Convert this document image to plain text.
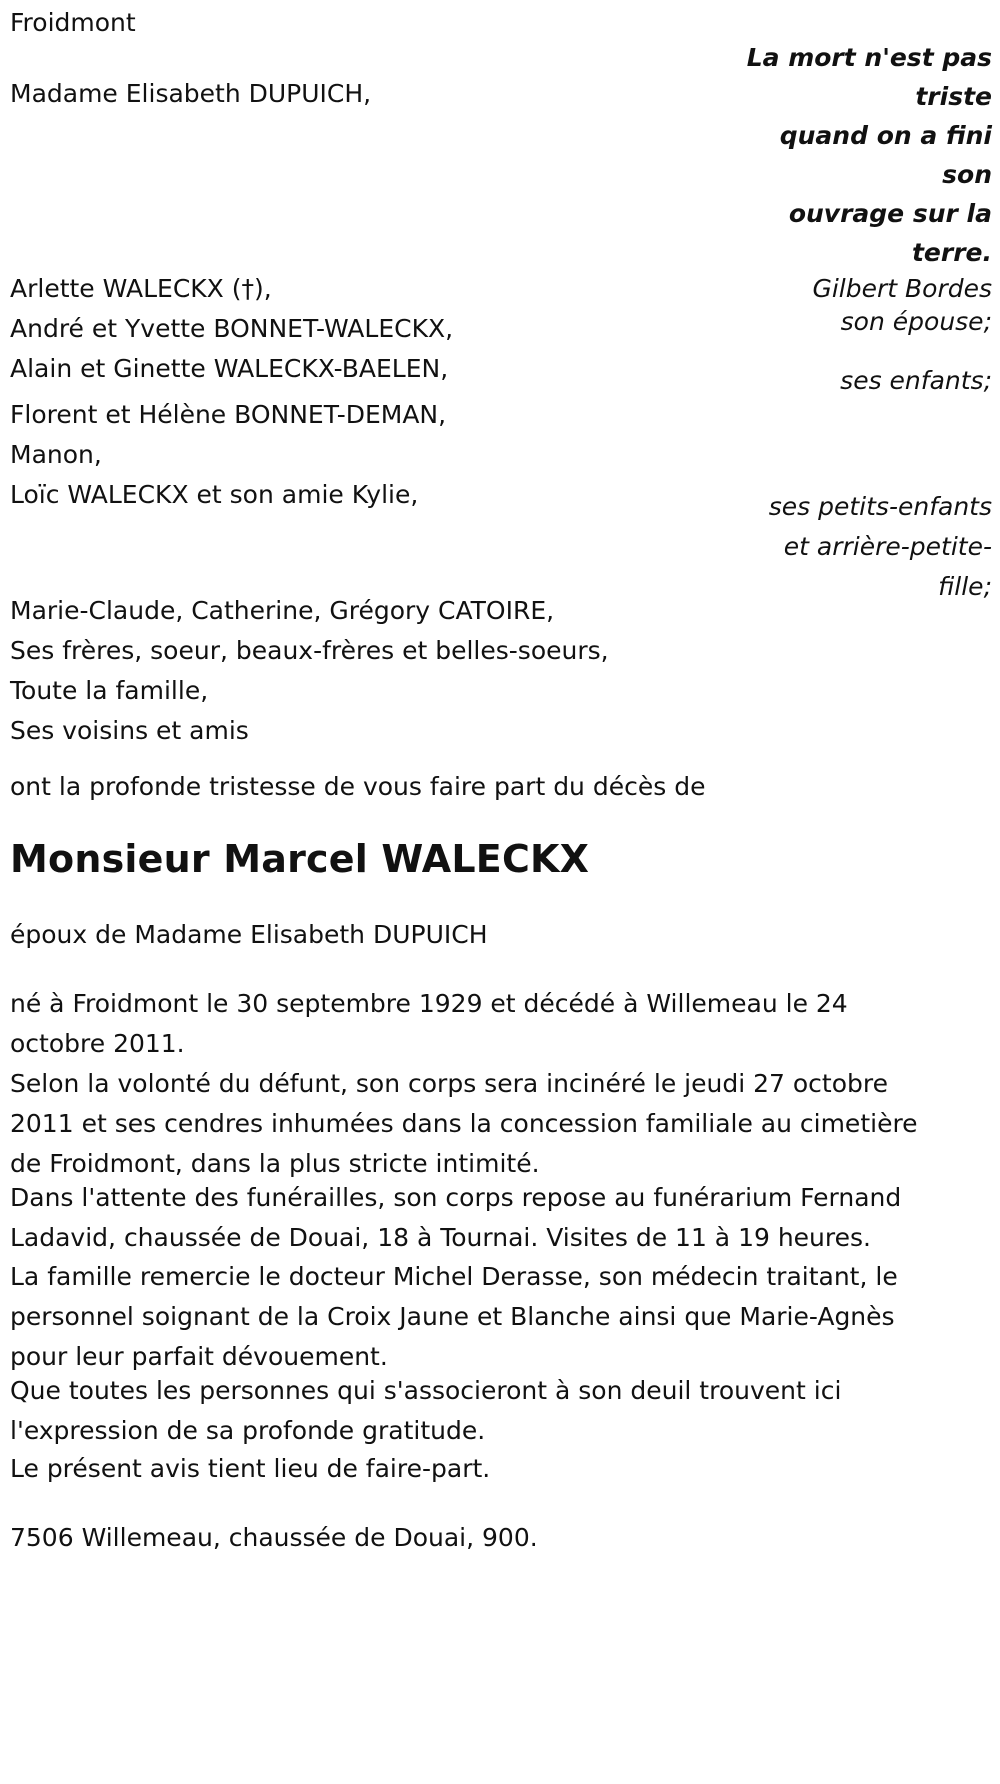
Froidmont
La mort n'est pas
triste
quand on a fini son
ouvrage sur la
terre.
Gilbert Bordes
son épouse;
Madame Elisabeth DUPUICH,
Arlette WALECKX (†),
André et Yvette BONNET-WALECKX,
Alain et Ginette WALECKX-BAELEN,	ses enfants;
Florent et Hélène BONNET-DEMAN,
Manon,
Loïc WALECKX et son amie Kylie,	ses petits-enfants
et arrière-petite-
fille;
Marie-Claude, Catherine, Grégory CATOIRE,
Ses frères, soeur, beaux-frères et belles-soeurs,
Toute la famille,
Ses voisins et amis
ont la profonde tristesse de vous faire part du décès de
Monsieur Marcel WALECKX
époux de Madame Elisabeth DUPUICH
né à Froidmont le 30 septembre 1929 et décédé à Willemeau le 24
octobre 2011.
Selon la volonté du défunt, son corps sera incinéré le jeudi 27 octobre
2011 et ses cendres inhumées dans la concession familiale au cimetière
de Froidmont, dans la plus stricte intimité.
Dans l'attente des funérailles, son corps repose au funérarium Fernand
Ladavid, chaussée de Douai, 18 à Tournai. Visites de 11 à 19 heures.
La famille remercie le docteur Michel Derasse, son médecin traitant, le
personnel soignant de la Croix Jaune et Blanche ainsi que Marie-Agnès
pour leur parfait dévouement.
Que toutes les personnes qui s'associeront à son deuil trouvent ici
l'expression de sa profonde gratitude.
Le présent avis tient lieu de faire-part.
7506 Willemeau, chaussée de Douai, 900.
